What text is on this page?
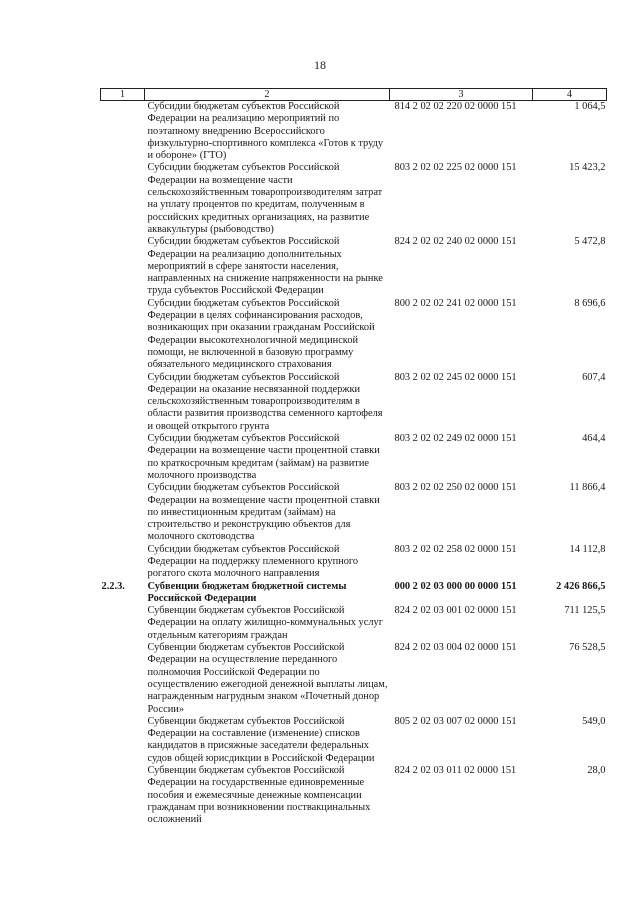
18
1	2	3	4
	Субсидии бюджетам субъектов Российской Федерации на реализацию мероприятий по поэтапному внедрению Всероссийского физкультурно-спортивного комплекса «Готов к труду и обороне» (ГТО)	814 2 02 02 220 02 0000 151	1 064,5
	Субсидии бюджетам субъектов Российской Федерации на возмещение части сельскохозяйственным товаропроизводителям затрат на уплату процентов по кредитам, полученным в российских кредитных организациях, на развитие аквакультуры (рыбоводство)	803 2 02 02 225 02 0000 151	15 423,2
	Субсидии бюджетам субъектов Российской Федерации на реализацию дополнительных мероприятий в сфере занятости населения, направленных на снижение напряженности на рынке труда субъектов Российской Федерации	824 2 02 02 240 02 0000 151	5 472,8
	Субсидии бюджетам субъектов Российской Федерации в целях софинансирования расходов, возникающих при оказании гражданам Российской Федерации высокотехнологичной медицинской помощи, не включенной в базовую программу обязательного медицинского страхования	800 2 02 02 241 02 0000 151	8 696,6
	Субсидии бюджетам субъектов Российской Федерации на оказание несвязанной поддержки сельскохозяйственным товаропроизводителям в области развития производства семенного картофеля и овощей открытого грунта	803 2 02 02 245 02 0000 151	607,4
	Субсидии бюджетам субъектов Российской Федерации на возмещение части процентной ставки по краткосрочным кредитам (займам) на развитие молочного производства	803 2 02 02 249 02 0000 151	464,4
	Субсидии бюджетам субъектов Российской Федерации на возмещение части процентной ставки по инвестиционным кредитам (займам) на строительство и реконструкцию объектов для молочного скотоводства	803 2 02 02 250 02 0000 151	11 866,4
	Субсидии бюджетам субъектов Российской Федерации на поддержку племенного крупного рогатого скота молочного направления	803 2 02 02 258 02 0000 151	14 112,8
2.2.3.	Субвенции бюджетам бюджетной системы Российской Федерации	000 2 02 03 000 00 0000 151	2 426 866,5
	Субвенции бюджетам субъектов Российской Федерации на оплату жилищно-коммунальных услуг отдельным категориям граждан	824 2 02 03 001 02 0000 151	711 125,5
	Субвенции бюджетам субъектов Российской Федерации на осуществление переданного полномочия Российской Федерации по осуществлению ежегодной денежной выплаты лицам, награжденным нагрудным знаком «Почетный донор России»	824 2 02 03 004 02 0000 151	76 528,5
	Субвенции бюджетам субъектов Российской Федерации на составление (изменение) списков кандидатов в присяжные заседатели федеральных судов общей юрисдикции в Российской Федерации	805 2 02 03 007 02 0000 151	549,0
	Субвенции бюджетам субъектов Российской Федерации на государственные единовременные пособия и ежемесячные денежные компенсации гражданам при возникновении поствакцинальных осложнений	824 2 02 03 011 02 0000 151	28,0
